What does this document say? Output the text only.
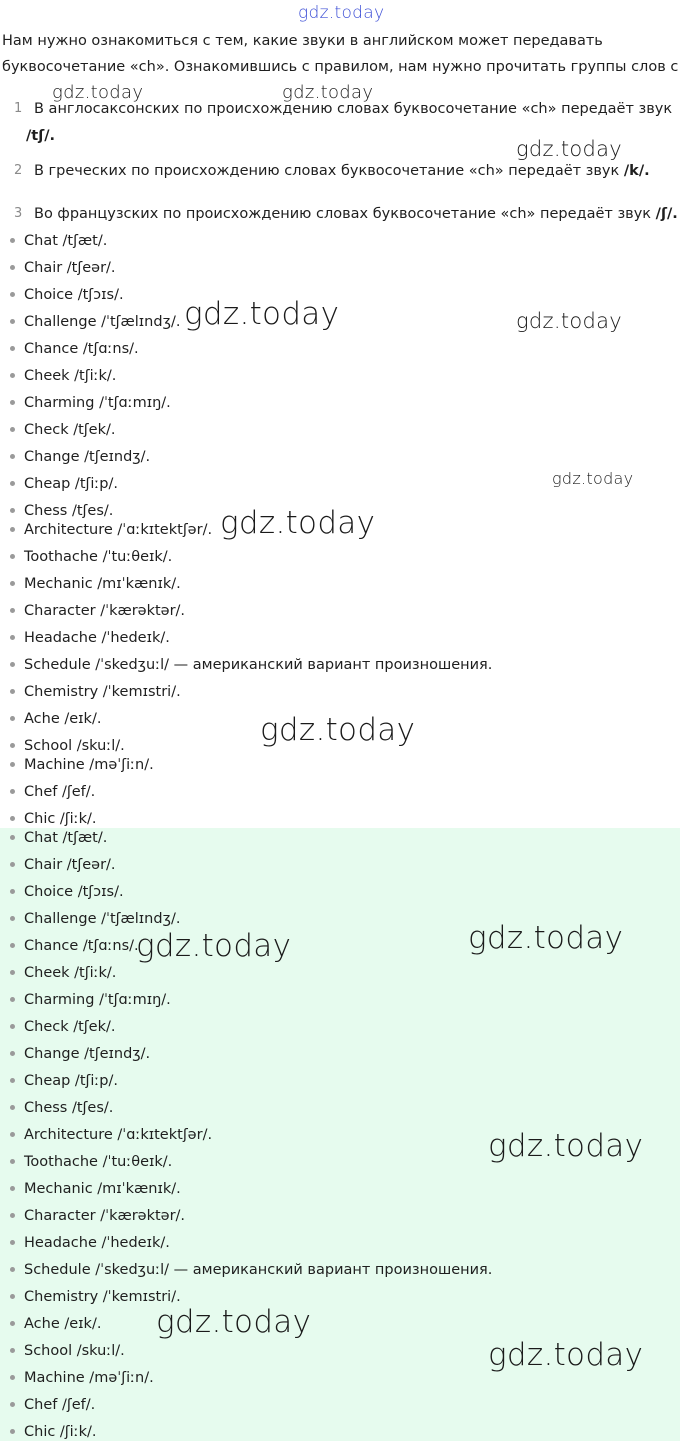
gdz.today
gdz.today	gdz.today
Нам нужно ознакомиться с тем, какие звуки в английском может передавать
буквосочетание «ch». Ознакомившись с правилом, нам нужно прочитать группы слов с
1 В англосаксонских по происхождению словах буквосочетание «ch» передаёт звук
/tʃ/.
gdz.today
2 В греческих по происхождению словах буквосочетание «ch» передаёт звук /k/.
3 Во французских по происхождению словах буквосочетание «ch» передаёт звук /ʃ/.
Chat /tʃæt/.
Chair /tʃeər/.
Choice /tʃɔɪs/.
Challenge /ˈtʃælɪndʒ/.
Chance /tʃɑːns/.
Cheek /tʃiːk/.
Charming /ˈtʃɑːmɪŋ/.
Check /tʃek/.
Change /tʃeɪndʒ/.
Cheap /tʃiːp/.
Chess /tʃes/.
Architecture /ˈɑːkɪtektʃər/.
Toothache /ˈtuːθeɪk/.
Mechanic /mɪˈkænɪk/.
Character /ˈkærəktər/.
Headache /ˈhedeɪk/.
Schedule /ˈskedʒuːl/ — американский вариант произношения.
Chemistry /ˈkemɪstri/.
Ache /eɪk/.
School /skuːl/.
Machine /məˈʃiːn/.
Chef /ʃef/.
Chic /ʃiːk/.
Chat /tʃæt/.
Chair /tʃeər/.
Choice /tʃɔɪs/.
Challenge /ˈtʃælɪndʒ/.
Chance /tʃɑːns/.
Cheek /tʃiːk/.
Charming /ˈtʃɑːmɪŋ/.
Check /tʃek/.
Change /tʃeɪndʒ/.
Cheap /tʃiːp/.
Chess /tʃes/.
Architecture /ˈɑːkɪtektʃər/.
Toothache /ˈtuːθeɪk/.
Mechanic /mɪˈkænɪk/.
Character /ˈkærəktər/.
Headache /ˈhedeɪk/.
Schedule /ˈskedʒuːl/ — американский вариант произношения.
Chemistry /ˈkemɪstri/.
Ache /eɪk/.
School /skuːl/.
Machine /məˈʃiːn/.
Chef /ʃef/.
Chic /ʃiːk/.
gdz.today	gdz.today
gdz.today
gdz.today
gdz.today
gdz.today	gdz.today
gdz.today
gdz.today
gdz.today
